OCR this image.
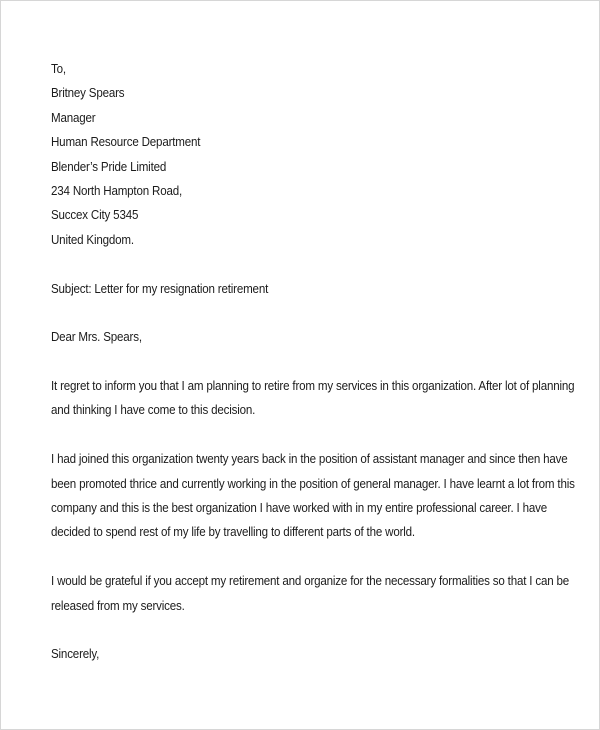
To,
Britney Spears
Manager
Human Resource Department
Blender’s Pride Limited
234 North Hampton Road,
Succex City 5345
United Kingdom.
Subject: Letter for my resignation retirement
Dear Mrs. Spears,
It regret to inform you that I am planning to retire from my services in this organization. After lot of planning
and thinking I have come to this decision.
I had joined this organization twenty years back in the position of assistant manager and since then have
been promoted thrice and currently working in the position of general manager. I have learnt a lot from this
company and this is the best organization I have worked with in my entire professional career. I have
decided to spend rest of my life by travelling to different parts of the world.
I would be grateful if you accept my retirement and organize for the necessary formalities so that I can be
released from my services.
Sincerely,
